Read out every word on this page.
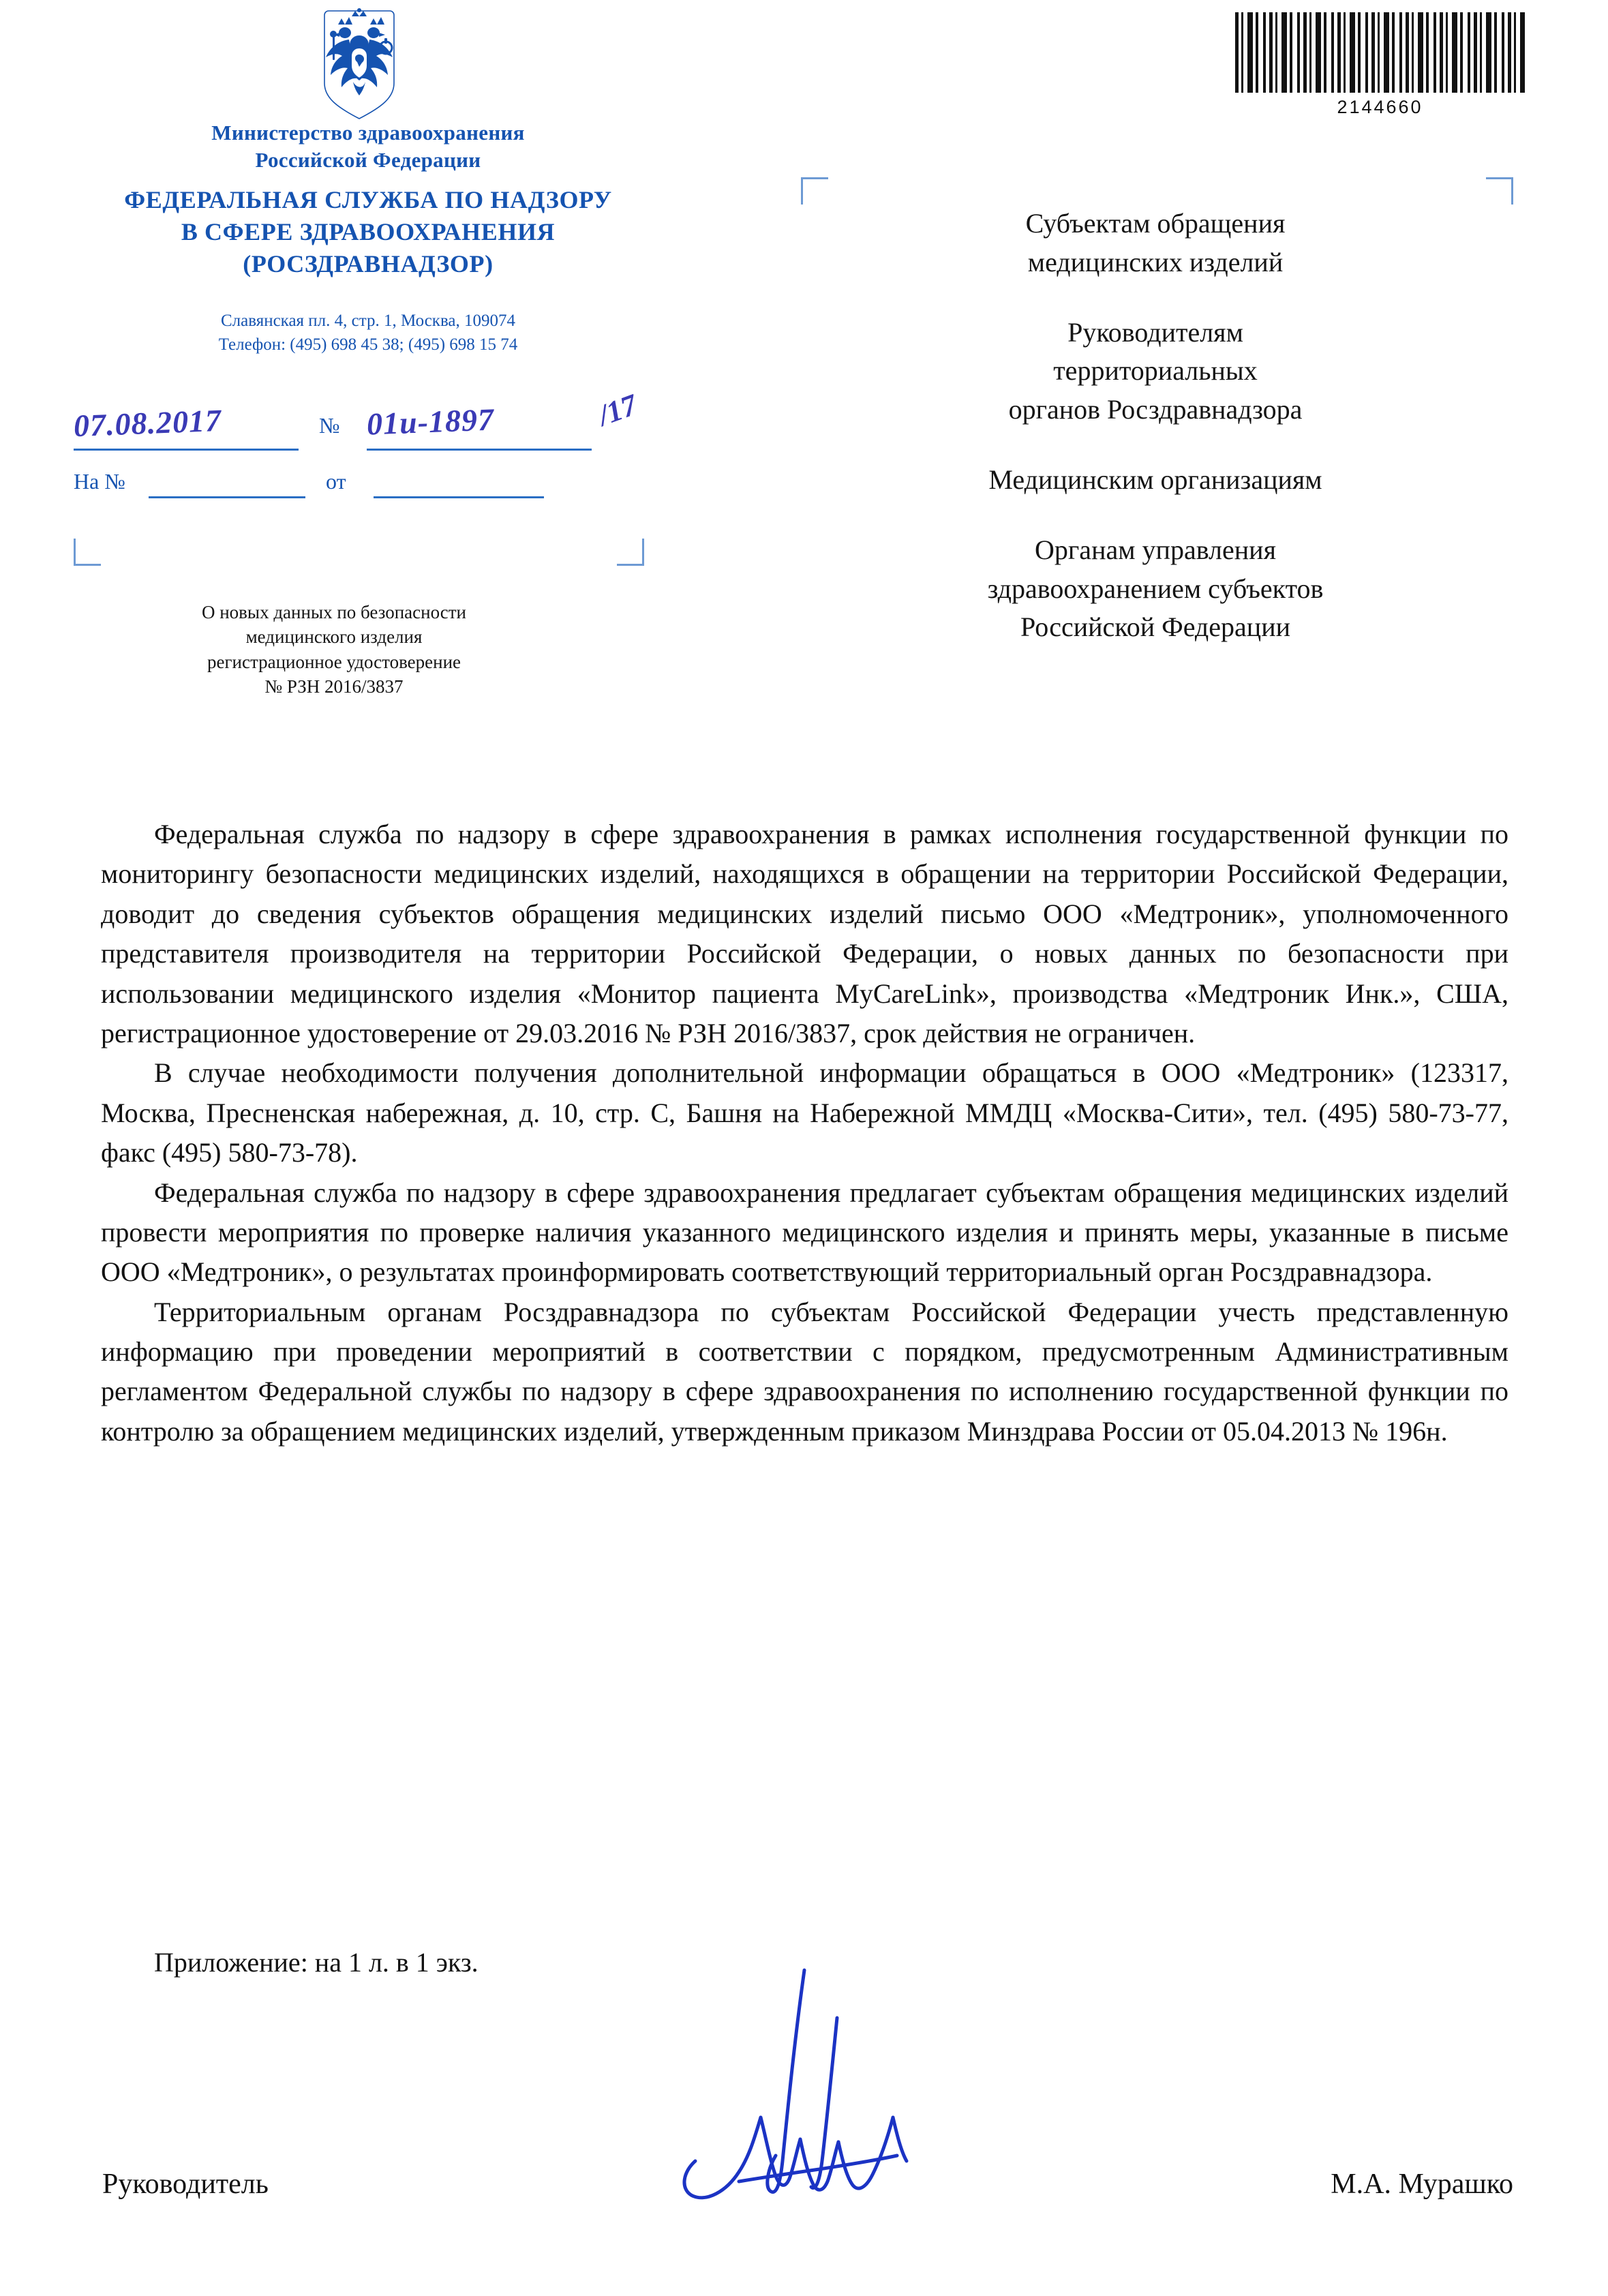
2144660
Министерство здравоохранения
Российской Федерации
ФЕДЕРАЛЬНАЯ СЛУЖБА ПО НАДЗОРУ
В СФЕРЕ ЗДРАВООХРАНЕНИЯ
(РОСЗДРАВНАДЗОР)
Славянская пл. 4, стр. 1, Москва, 109074
Телефон: (495) 698 45 38; (495) 698 15 74
07.08.2017	№ 01и-1897	/17
На №	от
О новых данных по безопасности
медицинского изделия
регистрационное удостоверение
№ РЗН 2016/3837
Субъектам обращения
медицинских изделий
Руководителям
территориальных
органов Росздравнадзора
Медицинским организациям
Органам управления
здравоохранением субъектов
Российской Федерации

Федеральная служба по надзору в сфере здравоохранения в рамках исполнения государственной функции по мониторингу безопасности медицинских изделий, находящихся в обращении на территории Российской Федерации, доводит до сведения субъектов обращения медицинских изделий письмо ООО «Медтроник», уполномоченного представителя производителя на территории Российской Федерации, о новых данных по безопасности при использовании медицинского изделия «Монитор пациента MyCareLink», производства «Медтроник Инк.», США, регистрационное удостоверение от 29.03.2016 № РЗН 2016/3837, срок действия не ограничен.

В случае необходимости получения дополнительной информации обращаться в ООО «Медтроник» (123317, Москва, Пресненская набережная, д. 10, стр. С, Башня на Набережной ММДЦ «Москва-Сити», тел. (495) 580-73-77, факс (495) 580-73-78).

Федеральная служба по надзору в сфере здравоохранения предлагает субъектам обращения медицинских изделий провести мероприятия по проверке наличия указанного медицинского изделия и принять меры, указанные в письме ООО «Медтроник», о результатах проинформировать соответствующий территориальный орган Росздравнадзора.

Территориальным органам Росздравнадзора по субъектам Российской Федерации учесть представленную информацию при проведении мероприятий в соответствии с порядком, предусмотренным Административным регламентом Федеральной службы по надзору в сфере здравоохранения по исполнению государственной функции по контролю за обращением медицинских изделий, утвержденным приказом Минздрава России от 05.04.2013 № 196н.

Приложение: на 1 л. в 1 экз.
Руководитель	М.А. Мурашко
